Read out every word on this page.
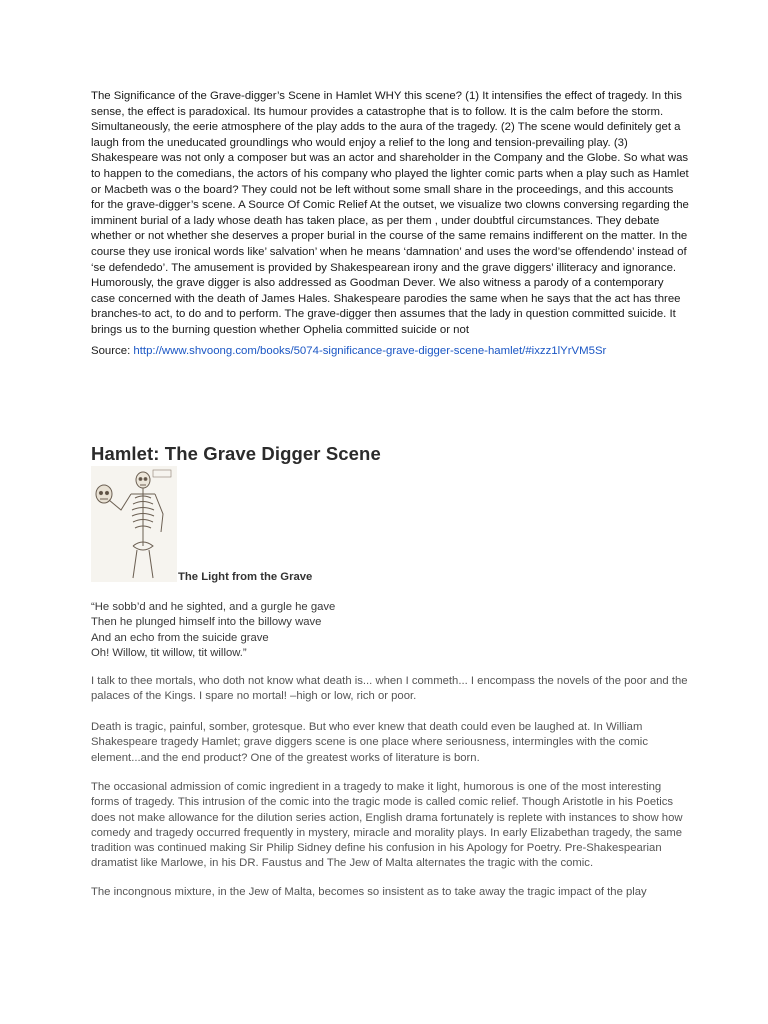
The Significance of the Grave-digger’s Scene in Hamlet WHY this scene? (1) It intensifies the effect of tragedy. In this sense, the effect is paradoxical. Its humour provides a catastrophe that is to follow. It is the calm before the storm. Simultaneously, the eerie atmosphere of the play adds to the aura of the tragedy. (2) The scene would definitely get a laugh from the uneducated groundlings who would enjoy a relief to the long and tension-prevailing play. (3) Shakespeare was not only a composer but was an actor and shareholder in the Company and the Globe. So what was to happen to the comedians, the actors of his company who played the lighter comic parts when a play such as Hamlet or Macbeth was o the board? They could not be left without some small share in the proceedings, and this accounts for the grave-digger’s scene. A Source Of Comic Relief At the outset, we visualize two clowns conversing regarding the imminent burial of a lady whose death has taken place, as per them , under doubtful circumstances. They debate whether or not whether she deserves a proper burial in the course of the same remains indifferent on the matter. In the course they use ironical words like’ salvation’ when he means ‘damnation’ and uses the word’se offendendo’ instead of ‘se defendedo’. The amusement is provided by Shakespearean irony and the grave diggers’ illiteracy and ignorance. Humorously, the grave digger is also addressed as Goodman Dever. We also witness a parody of a contemporary case concerned with the death of James Hales. Shakespeare parodies the same when he says that the act has three branches-to act, to do and to perform. The grave-digger then assumes that the lady in question committed suicide. It brings us to the burning question whether Ophelia committed suicide or not

Source: http://www.shvoong.com/books/5074-significance-grave-digger-scene-hamlet/#ixzz1lYrVM5Sr

Hamlet: The Grave Digger Scene
The Light from the Grave
“He sobb’d and he sighted, and a gurgle he gave
Then he plunged himself into the billowy wave
And an echo from the suicide grave
Oh! Willow, tit willow, tit willow.”

I talk to thee mortals, who doth not know what death is... when I commeth... I encompass the novels of the poor and the palaces of the Kings. I spare no mortal! –high or low, rich or poor.

Death is tragic, painful, somber, grotesque. But who ever knew that death could even be laughed at. In William Shakespeare tragedy Hamlet; grave diggers scene is one place where seriousness, intermingles with the comic element...and the end product? One of the greatest works of literature is born.

The occasional admission of comic ingredient in a tragedy to make it light, humorous is one of the most interesting forms of tragedy. This intrusion of the comic into the tragic mode is called comic relief. Though Aristotle in his Poetics does not make allowance for the dilution series action, English drama fortunately is replete with instances to show how comedy and tragedy occurred frequently in mystery, miracle and morality plays. In early Elizabethan tragedy, the same tradition was continued making Sir Philip Sidney define his confusion in his Apology for Poetry. Pre-Shakespearian dramatist like Marlowe, in his DR. Faustus and The Jew of Malta alternates the tragic with the comic.

The incongnous mixture, in the Jew of Malta, becomes so insistent as to take away the tragic impact of the play
